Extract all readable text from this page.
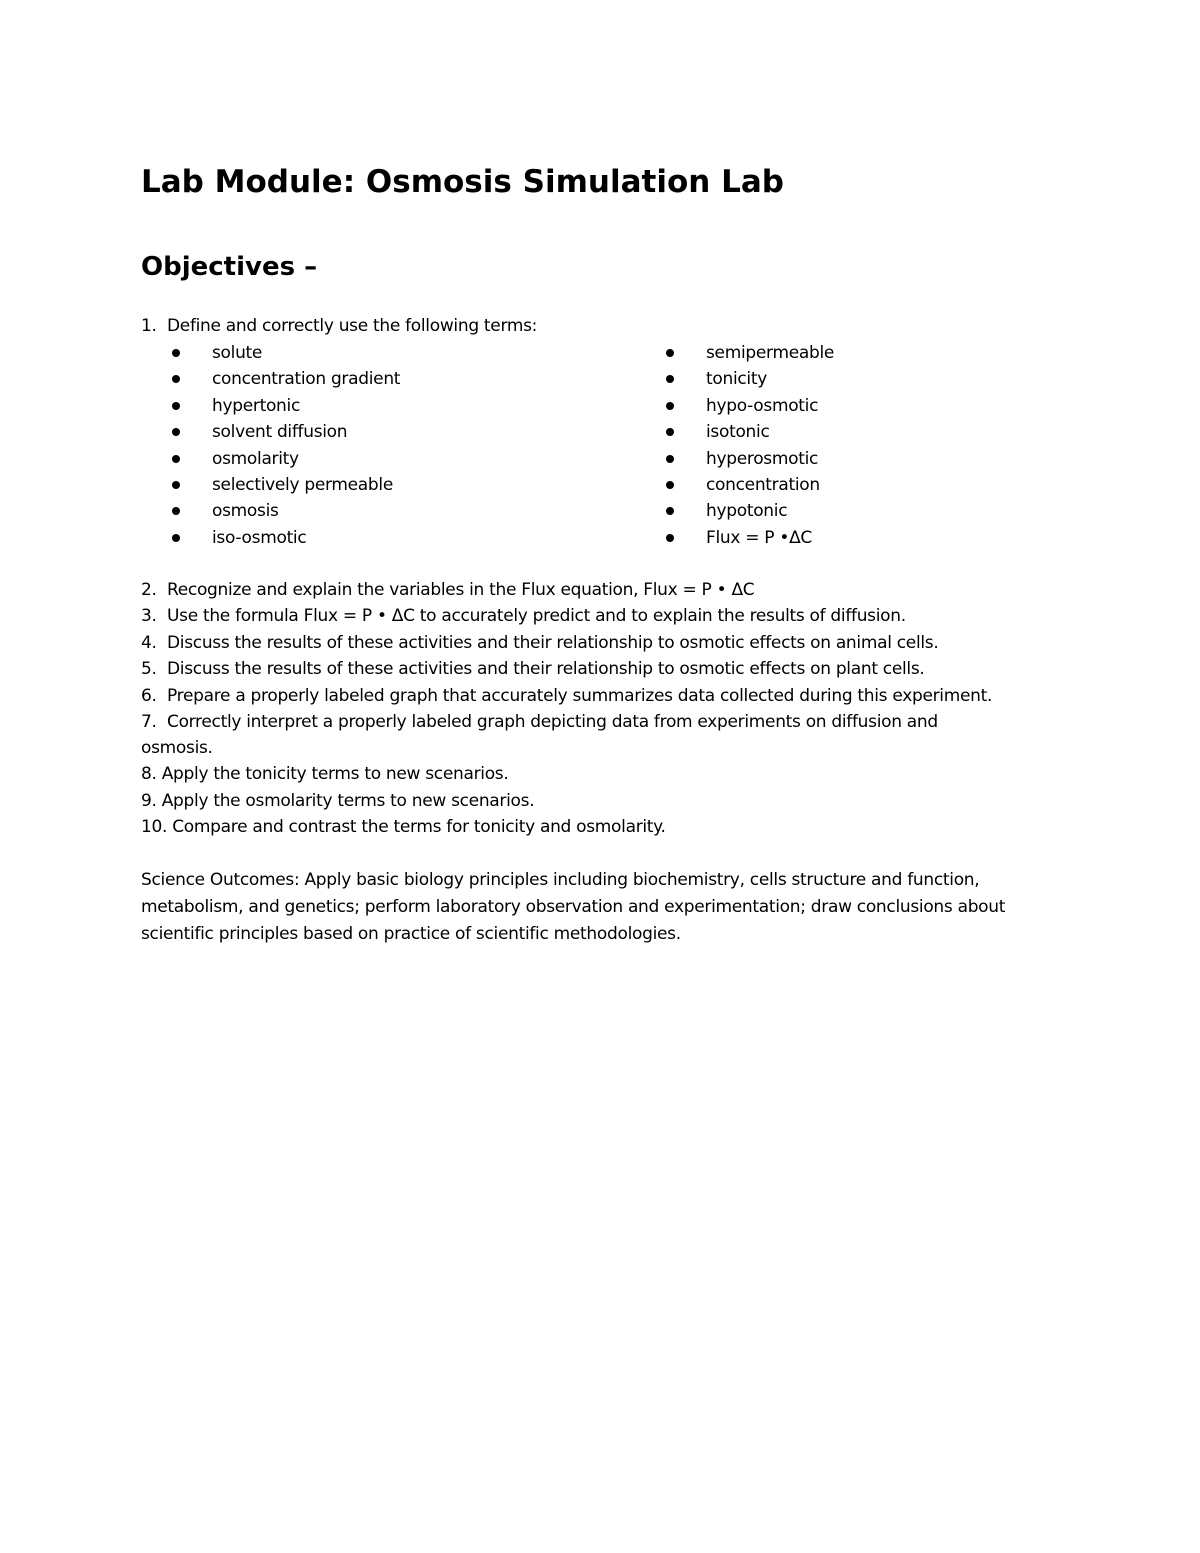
Lab Module: Osmosis Simulation Lab
Objectives –
1. Define and correctly use the following terms:
solute
concentration gradient
hypertonic
solvent diffusion
osmolarity
selectively permeable
osmosis
iso-osmotic
semipermeable
tonicity
hypo-osmotic
isotonic
hyperosmotic
concentration
hypotonic
Flux = P •ΔC
2. Recognize and explain the variables in the Flux equation, Flux = P • ΔC
3. Use the formula Flux = P • ΔC to accurately predict and to explain the results of diffusion.
4. Discuss the results of these activities and their relationship to osmotic effects on animal cells.
5. Discuss the results of these activities and their relationship to osmotic effects on plant cells.
6. Prepare a properly labeled graph that accurately summarizes data collected during this experiment.
7. Correctly interpret a properly labeled graph depicting data from experiments on diffusion and
osmosis.
8. Apply the tonicity terms to new scenarios.
9. Apply the osmolarity terms to new scenarios.
10. Compare and contrast the terms for tonicity and osmolarity.

Science Outcomes: Apply basic biology principles including biochemistry, cells structure and function, metabolism, and genetics; perform laboratory observation and experimentation; draw conclusions about scientific principles based on practice of scientific methodologies.
